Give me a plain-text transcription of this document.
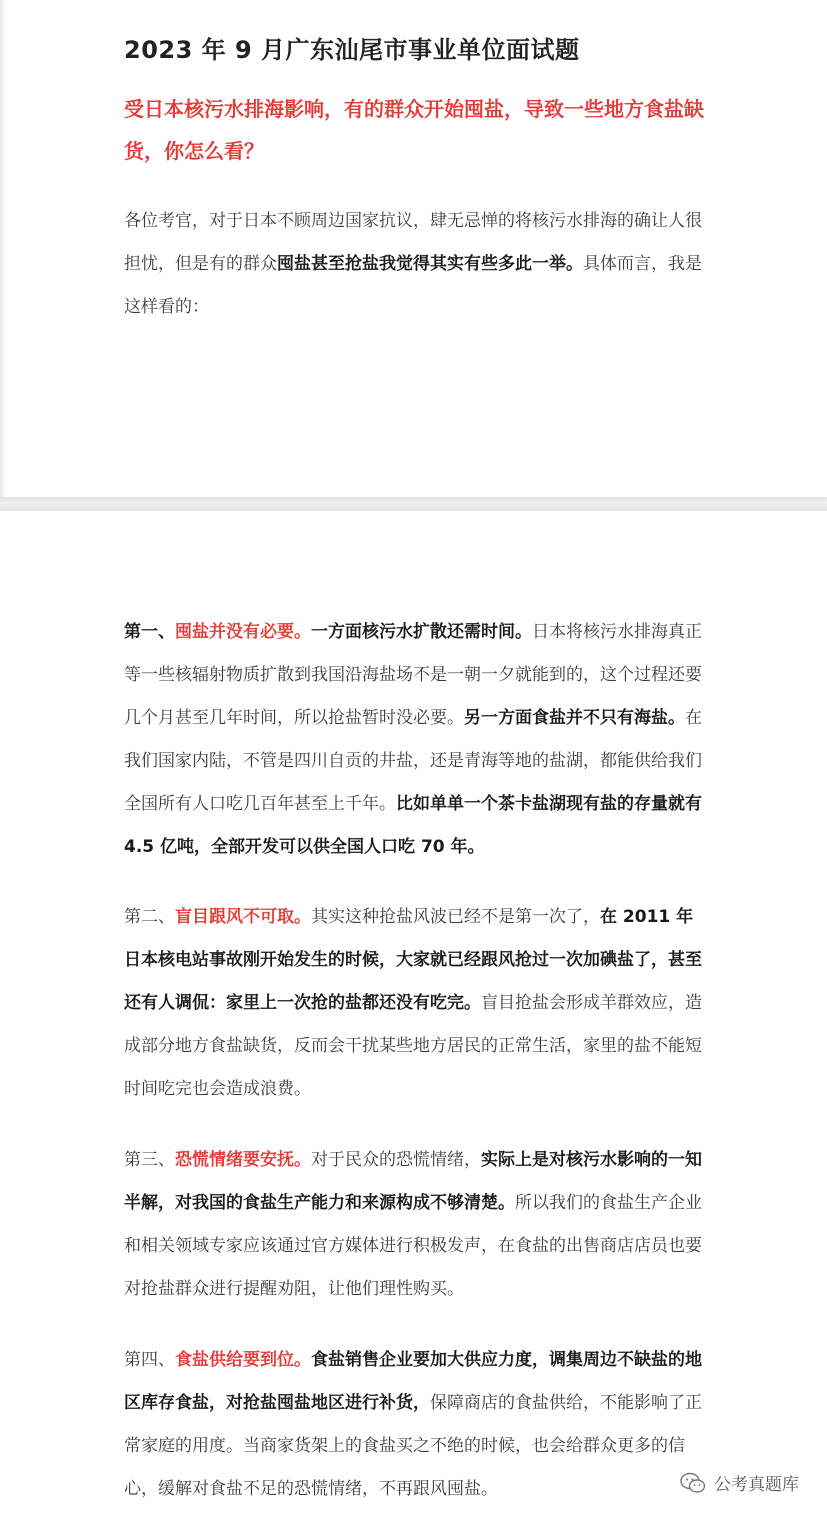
2023 年 9 月广东汕尾市事业单位面试题
受日本核污水排海影响，有的群众开始囤盐，导致一些地方食盐缺货，你怎么看？
各位考官，对于日本不顾周边国家抗议，肆无忌惮的将核污水排海的确让人很担忧，但是有的群众囤盐甚至抢盐我觉得其实有些多此一举。具体而言，我是这样看的：
第一、囤盐并没有必要。一方面核污水扩散还需时间。日本将核污水排海真正等一些核辐射物质扩散到我国沿海盐场不是一朝一夕就能到的，这个过程还要几个月甚至几年时间，所以抢盐暂时没必要。另一方面食盐并不只有海盐。在我们国家内陆，不管是四川自贡的井盐，还是青海等地的盐湖，都能供给我们全国所有人口吃几百年甚至上千年。比如单单一个茶卡盐湖现有盐的存量就有 4.5 亿吨，全部开发可以供全国人口吃 70 年。
第二、盲目跟风不可取。其实这种抢盐风波已经不是第一次了，在 2011 年日本核电站事故刚开始发生的时候，大家就已经跟风抢过一次加碘盐了，甚至还有人调侃：家里上一次抢的盐都还没有吃完。盲目抢盐会形成羊群效应，造成部分地方食盐缺货，反而会干扰某些地方居民的正常生活，家里的盐不能短时间吃完也会造成浪费。
第三、恐慌情绪要安抚。对于民众的恐慌情绪，实际上是对核污水影响的一知半解，对我国的食盐生产能力和来源构成不够清楚。所以我们的食盐生产企业和相关领域专家应该通过官方媒体进行积极发声，在食盐的出售商店店员也要对抢盐群众进行提醒劝阻，让他们理性购买。
第四、食盐供给要到位。食盐销售企业要加大供应力度，调集周边不缺盐的地区库存食盐，对抢盐囤盐地区进行补货，保障商店的食盐供给，不能影响了正常家庭的用度。当商家货架上的食盐买之不绝的时候，也会给群众更多的信心，缓解对食盐不足的恐慌情绪，不再跟风囤盐。	公考真题库
